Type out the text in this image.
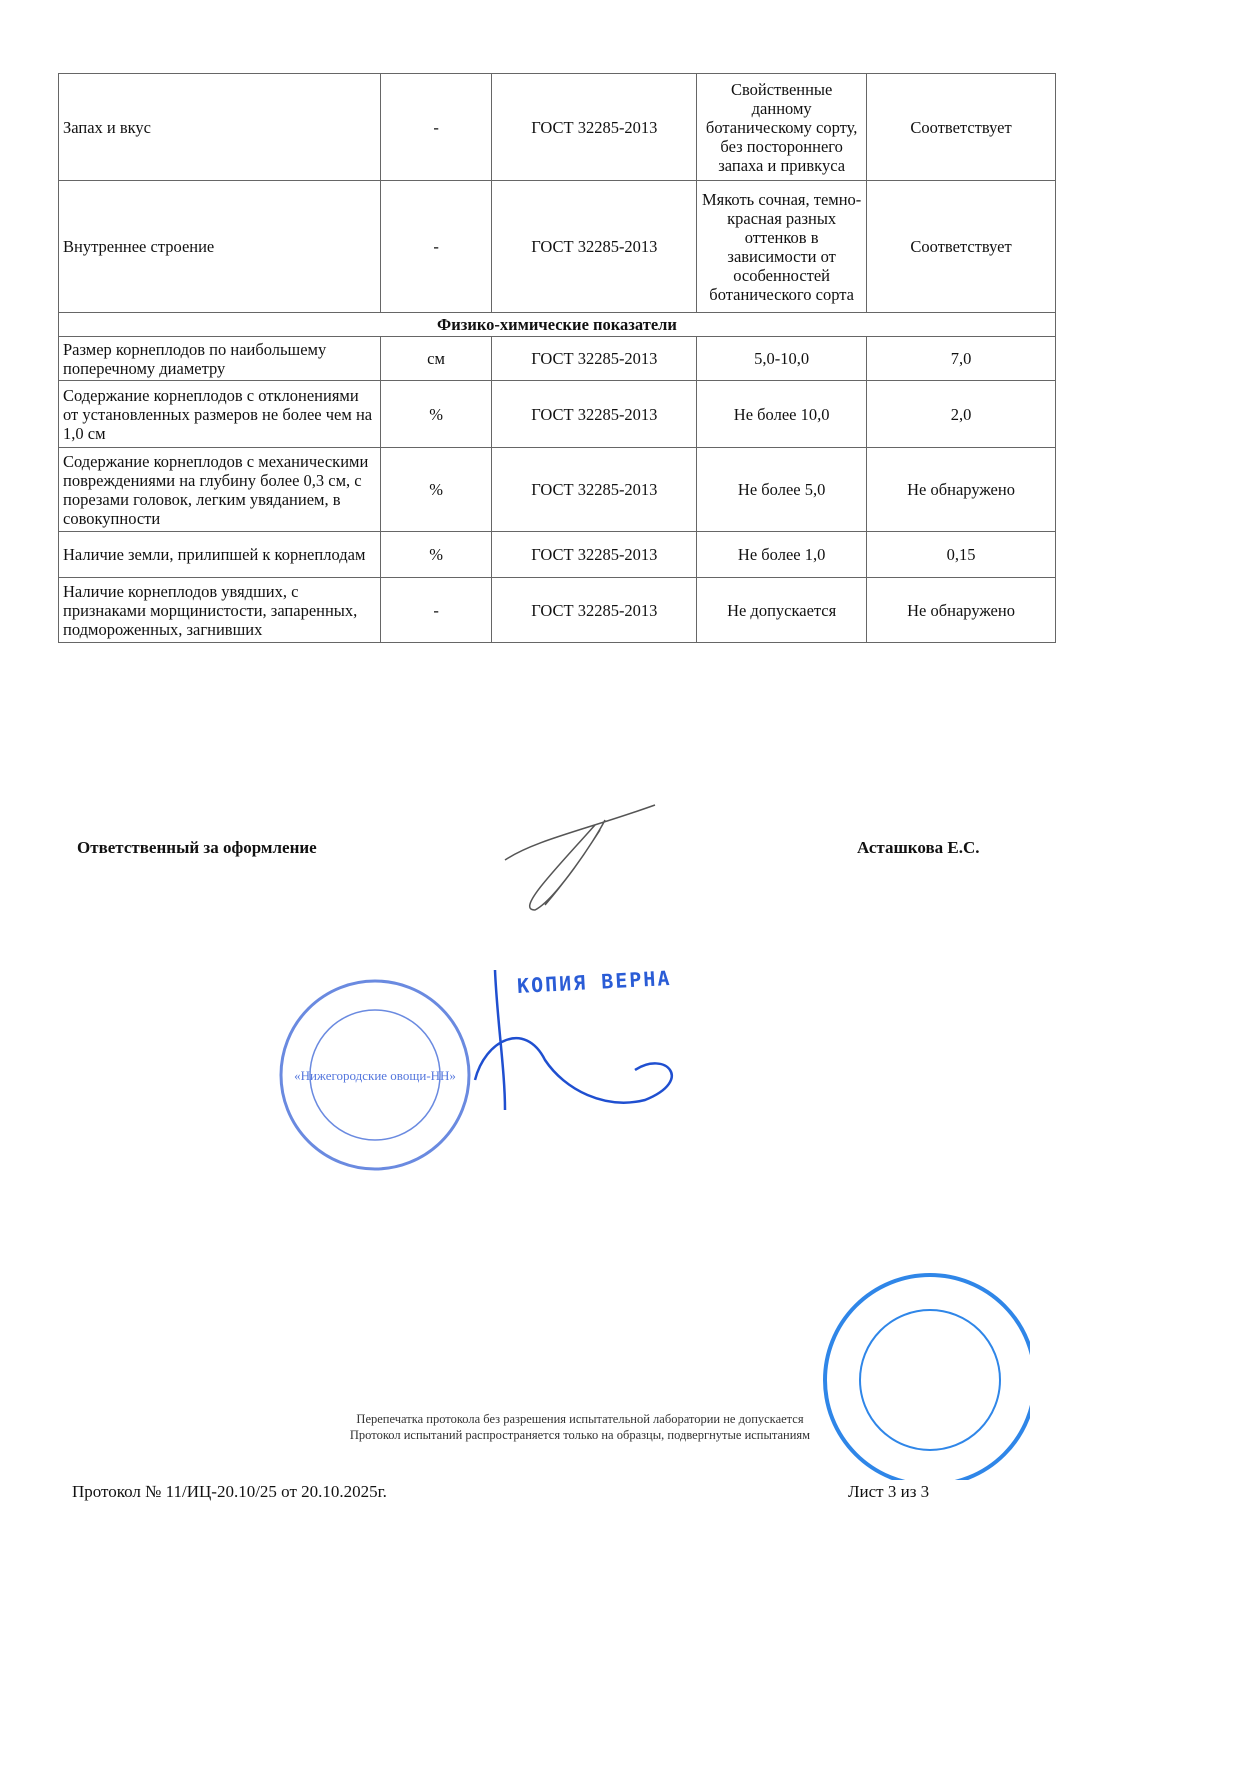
Запах и вкус	-	ГОСТ 32285-2013	Свойственные данному ботаническому сорту, без постороннего запаха и привкуса	Соответствует
Внутреннее строение	-	ГОСТ 32285-2013	Мякоть сочная, темно-красная разных оттенков в зависимости от особенностей ботанического сорта	Соответствует
Физико-химические показатели				
Размер корнеплодов по наибольшему поперечному диаметру	см	ГОСТ 32285-2013	5,0-10,0	7,0
Содержание корнеплодов с отклонениями от установленных размеров не более чем на 1,0 см	%	ГОСТ 32285-2013	Не более 10,0	2,0
Содержание корнеплодов с механическими повреждениями на глубину более 0,3 см, с порезами головок, легким увяданием, в совокупности	%	ГОСТ 32285-2013	Не более 5,0	Не обнаружено
Наличие земли, прилипшей к корнеплодам	%	ГОСТ 32285-2013	Не более 1,0	0,15
Наличие корнеплодов увядших, с признаками морщинистости, запаренных, подмороженных, загнивших	-	ГОСТ 32285-2013	Не допускается	Не обнаружено
Ответственный за оформление	Асташкова Е.С.
КОПИЯ ВЕРНА
«Нижегородские овощи-НН»
Перепечатка протокола без разрешения испытательной лаборатории не допускается
Протокол испытаний распространяется только на образцы, подвергнутые испытаниям
Протокол № 11/ИЦ-20.10/25 от 20.10.2025г.	Лист 3 из 3
